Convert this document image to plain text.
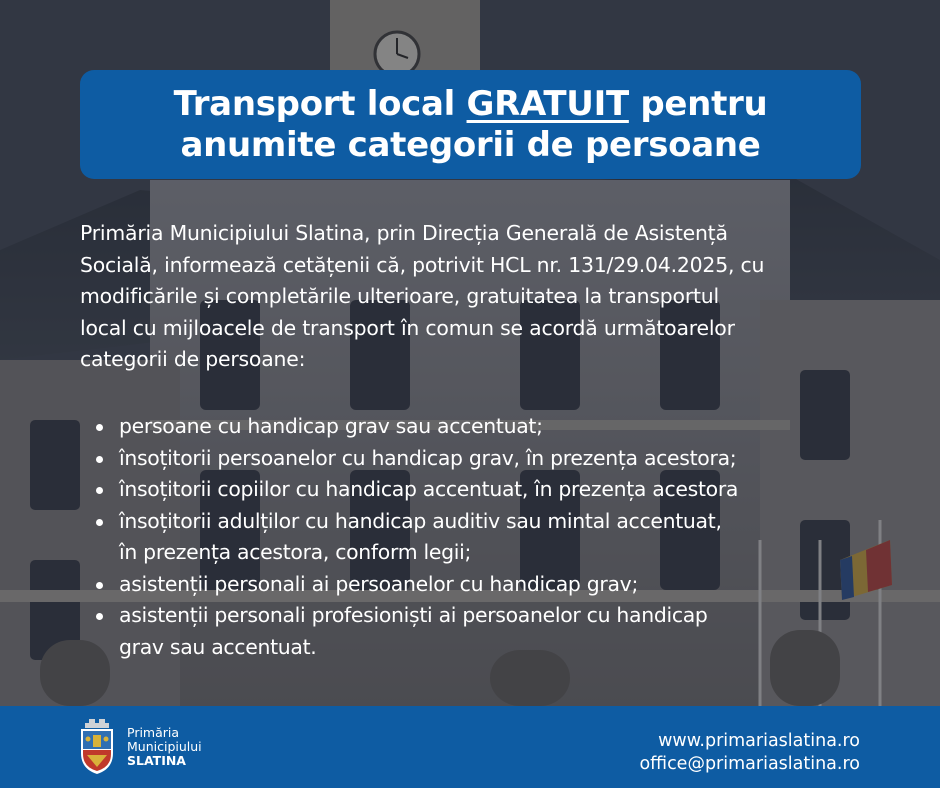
Transport local GRATUIT pentru
anumite categorii de persoane
Primăria Municipiului Slatina, prin Direcția Generală de Asistență
Socială, informează cetățenii că, potrivit HCL nr. 131/29.04.2025, cu
modificările și completările ulterioare, gratuitatea la transportul
local cu mijloacele de transport în comun se acordă următoarelor
categorii de persoane:
persoane cu handicap grav sau accentuat;
însoțitorii persoanelor cu handicap grav, în prezența acestora;
însoțitorii copiilor cu handicap accentuat, în prezența acestora
însoțitorii adulților cu handicap auditiv sau mintal accentuat,
în prezența acestora, conform legii;
asistenții personali ai persoanelor cu handicap grav;
asistenții personali profesioniști ai persoanelor cu handicap
grav sau accentuat.
Primăria
Municipiului
SLATINA
www.primariaslatina.ro
office@primariaslatina.ro
